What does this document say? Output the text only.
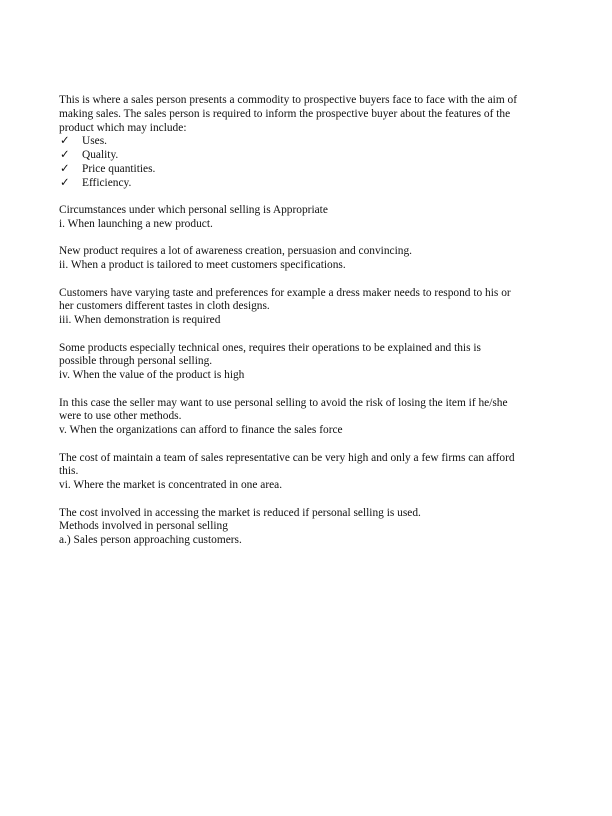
This is where a sales person presents a commodity to prospective buyers face to face with the aim of
making sales. The sales person is required to inform the prospective buyer about the features of the
product which may include:
✓	Uses.
✓	Quality.
✓	Price quantities.
✓	Efficiency.
Circumstances under which personal selling is Appropriate
i. When launching a new product.
New product requires a lot of awareness creation, persuasion and convincing.
ii. When a product is tailored to meet customers specifications.
Customers have varying taste and preferences for example a dress maker needs to respond to his or
her customers different tastes in cloth designs.
iii. When demonstration is required
Some products especially technical ones, requires their operations to be explained and this is
possible through personal selling.
iv. When the value of the product is high
In this case the seller may want to use personal selling to avoid the risk of losing the item if he/she
were to use other methods.
v. When the organizations can afford to finance the sales force
The cost of maintain a team of sales representative can be very high and only a few firms can afford
this.
vi. Where the market is concentrated in one area.
The cost involved in accessing the market is reduced if personal selling is used.
Methods involved in personal selling
a.) Sales person approaching customers.
